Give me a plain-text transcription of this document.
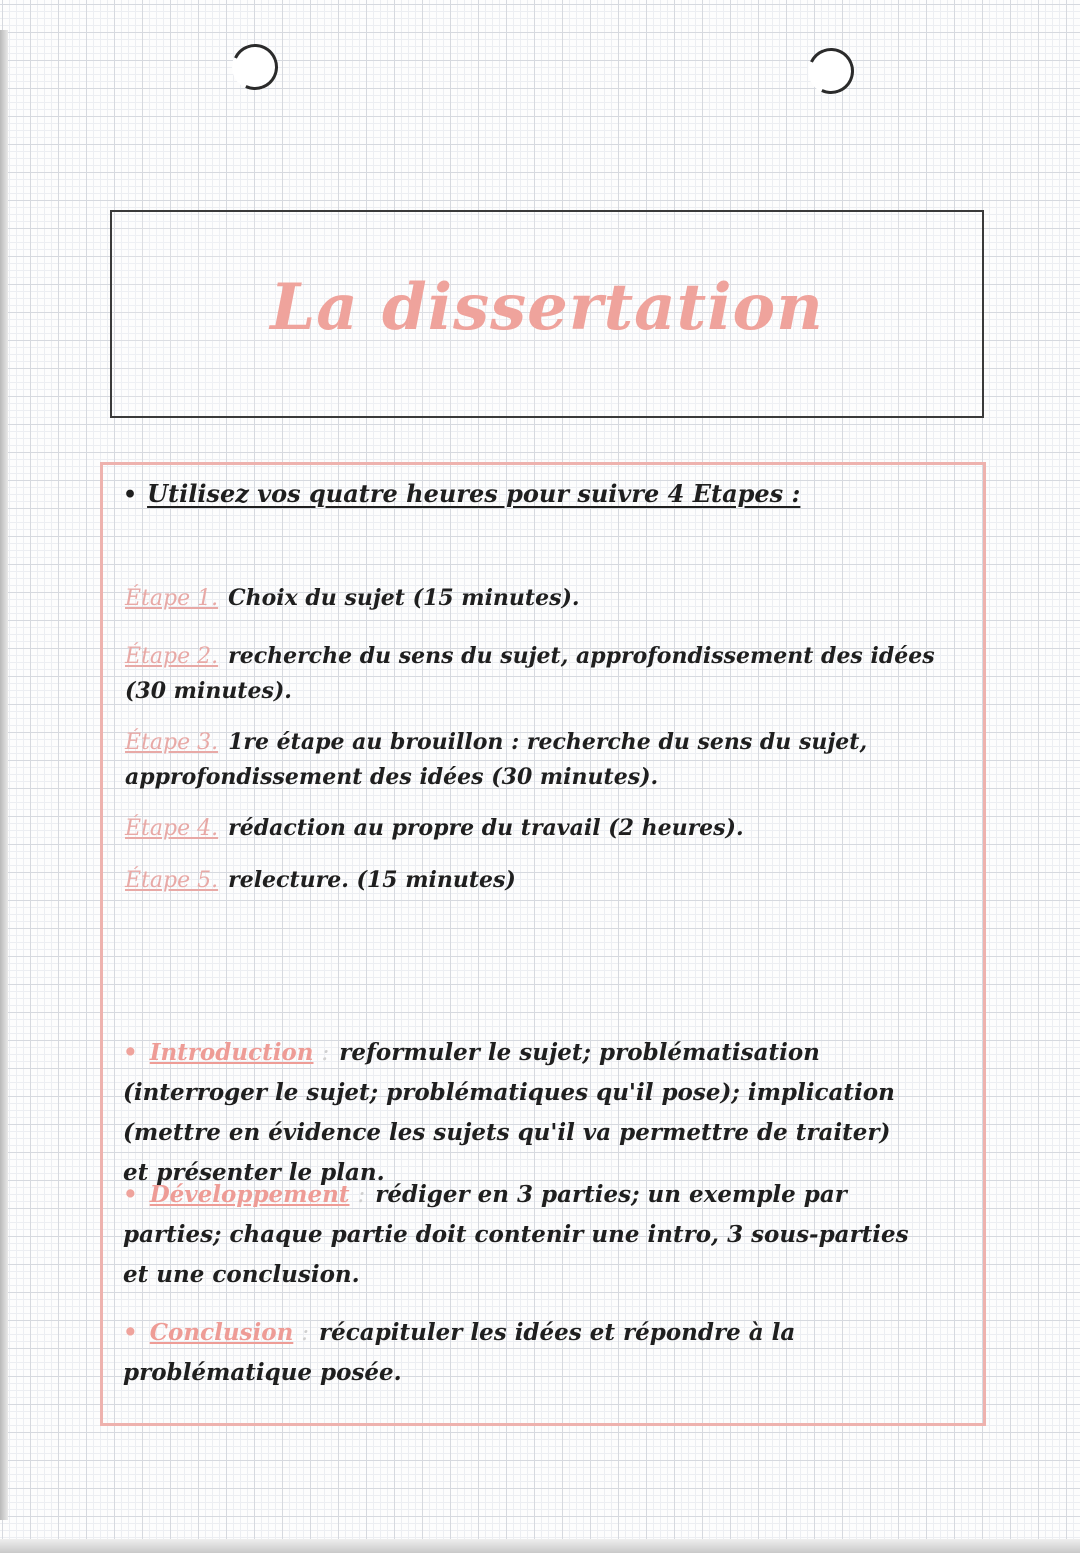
La dissertation
• Utilisez vos quatre heures pour suivre 4 Etapes :
Étape 1. Choix du sujet (15 minutes).
Étape 2. recherche du sens du sujet, approfondissement des idées (30 minutes).
Étape 3. 1re étape au brouillon : recherche du sens du sujet, approfondissement des idées (30 minutes).
Étape 4. rédaction au propre du travail (2 heures).
Étape 5. relecture. (15 minutes)
• Introduction : reformuler le sujet; problématisation (interroger le sujet; problématiques qu'il pose); implication (mettre en évidence les sujets qu'il va permettre de traiter) et présenter le plan.
• Développement : rédiger en 3 parties; un exemple par parties; chaque partie doit contenir une intro, 3 sous-parties et une conclusion.
• Conclusion : récapituler les idées et répondre à la problématique posée.
